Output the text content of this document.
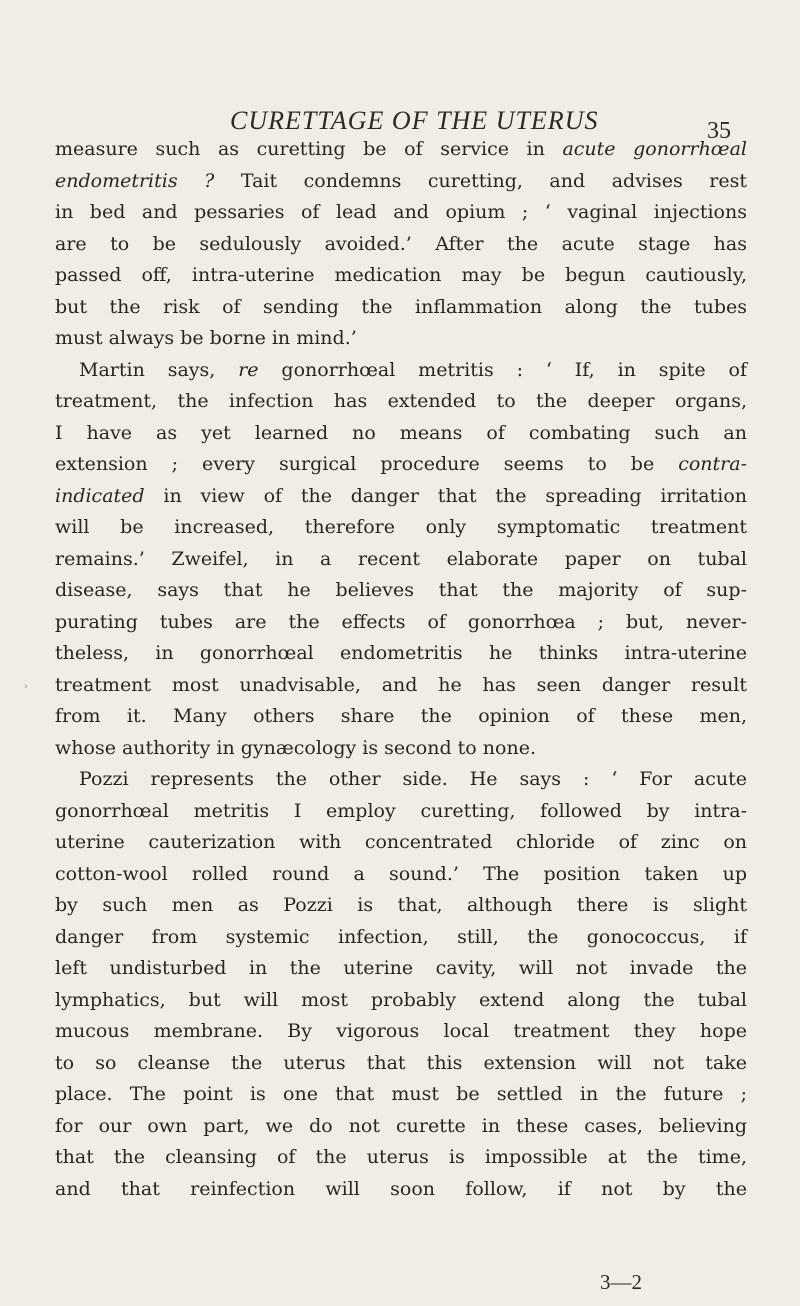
CURETTAGE OF THE UTERUS	35
›
measure such as curetting be of service in acute gonorrhœal
endometritis ? Tait condemns curetting, and advises rest
in bed and pessaries of lead and opium ; ‘ vaginal injections
are to be sedulously avoided.’ After the acute stage has
passed off, intra-uterine medication may be begun cautiously,
but the risk of sending the inflammation along the tubes
must always be borne in mind.’
Martin says, re gonorrhœal metritis : ‘ If, in spite of
treatment, the infection has extended to the deeper organs,
I have as yet learned no means of combating such an
extension ; every surgical procedure seems to be contra-
indicated in view of the danger that the spreading irritation
will be increased, therefore only symptomatic treatment
remains.’ Zweifel, in a recent elaborate paper on tubal
disease, says that he believes that the majority of sup-
purating tubes are the effects of gonorrhœa ; but, never-
theless, in gonorrhœal endometritis he thinks intra-uterine
treatment most unadvisable, and he has seen danger result
from it. Many others share the opinion of these men,
whose authority in gynæcology is second to none.
Pozzi represents the other side. He says : ‘ For acute
gonorrhœal metritis I employ curetting, followed by intra-
uterine cauterization with concentrated chloride of zinc on
cotton-wool rolled round a sound.’ The position taken up
by such men as Pozzi is that, although there is slight
danger from systemic infection, still, the gonococcus, if
left undisturbed in the uterine cavity, will not invade the
lymphatics, but will most probably extend along the tubal
mucous membrane. By vigorous local treatment they hope
to so cleanse the uterus that this extension will not take
place. The point is one that must be settled in the future ;
for our own part, we do not curette in these cases, believing
that the cleansing of the uterus is impossible at the time,
and that reinfection will soon follow, if not by the
3—2
